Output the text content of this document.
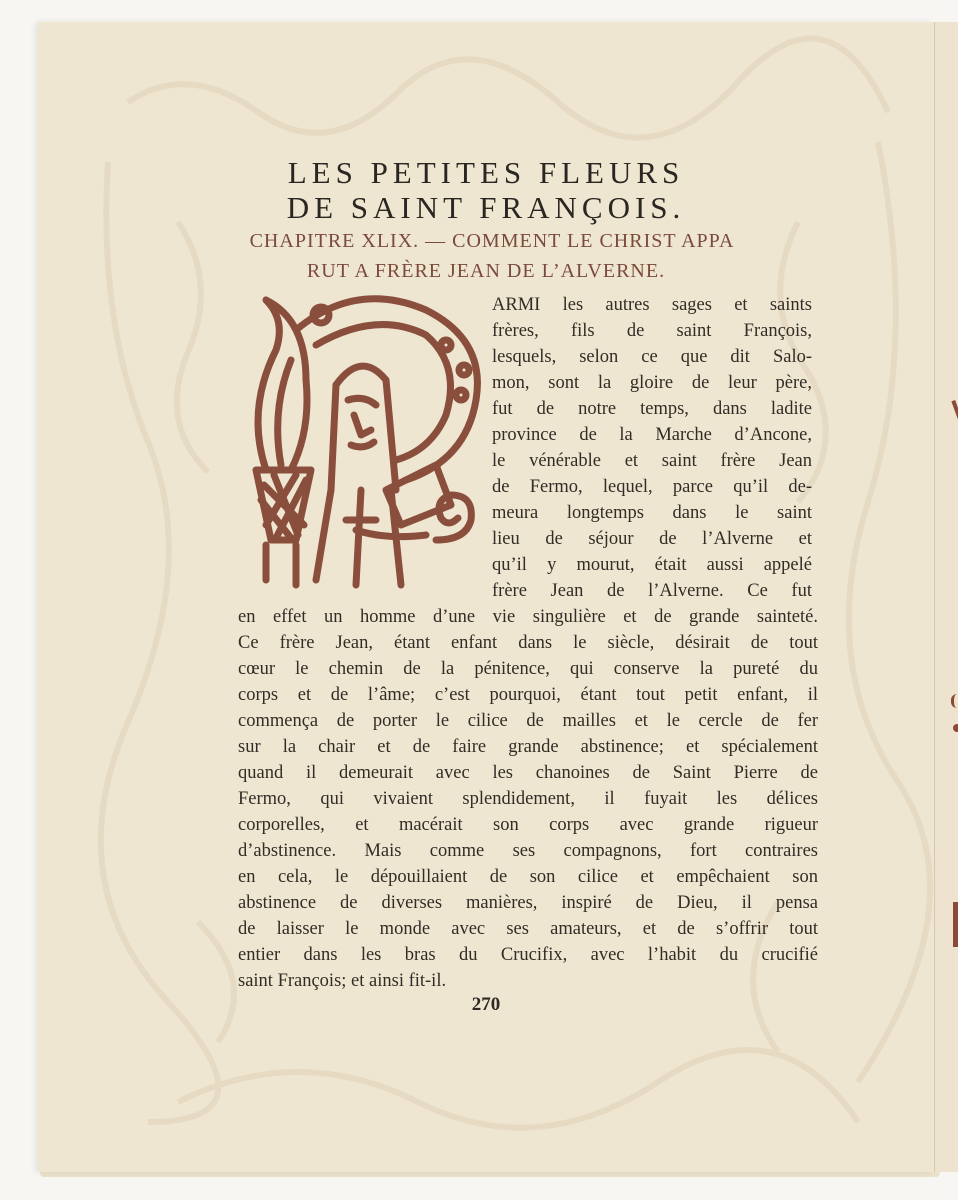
LES PETITES FLEURS
DE SAINT FRANÇOIS.
CHAPITRE XLIX. — COMMENT LE CHRIST APPA
RUT A FRÈRE JEAN DE L’ALVERNE.
ARMI les autres sages et saints
frères, fils de saint François,
lesquels, selon ce que dit Salo-
mon, sont la gloire de leur père,
fut de notre temps, dans ladite
province de la Marche d’Ancone,
le vénérable et saint frère Jean
de Fermo, lequel, parce qu’il de-
meura longtemps dans le saint
lieu de séjour de l’Alverne et
qu’il y mourut, était aussi appelé
frère Jean de l’Alverne. Ce fut
en effet un homme d’une vie singulière et de grande sainteté.
Ce frère Jean, étant enfant dans le siècle, désirait de tout
cœur le chemin de la pénitence, qui conserve la pureté du
corps et de l’âme; c’est pourquoi, étant tout petit enfant, il
commença de porter le cilice de mailles et le cercle de fer
sur la chair et de faire grande abstinence; et spécialement
quand il demeurait avec les chanoines de Saint Pierre de
Fermo, qui vivaient splendidement, il fuyait les délices
corporelles, et macérait son corps avec grande rigueur
d’abstinence. Mais comme ses compagnons, fort contraires
en cela, le dépouillaient de son cilice et empêchaient son
abstinence de diverses manières, inspiré de Dieu, il pensa
de laisser le monde avec ses amateurs, et de s’offrir tout
entier dans les bras du Crucifix, avec l’habit du crucifié
saint François; et ainsi fit-il.
270
